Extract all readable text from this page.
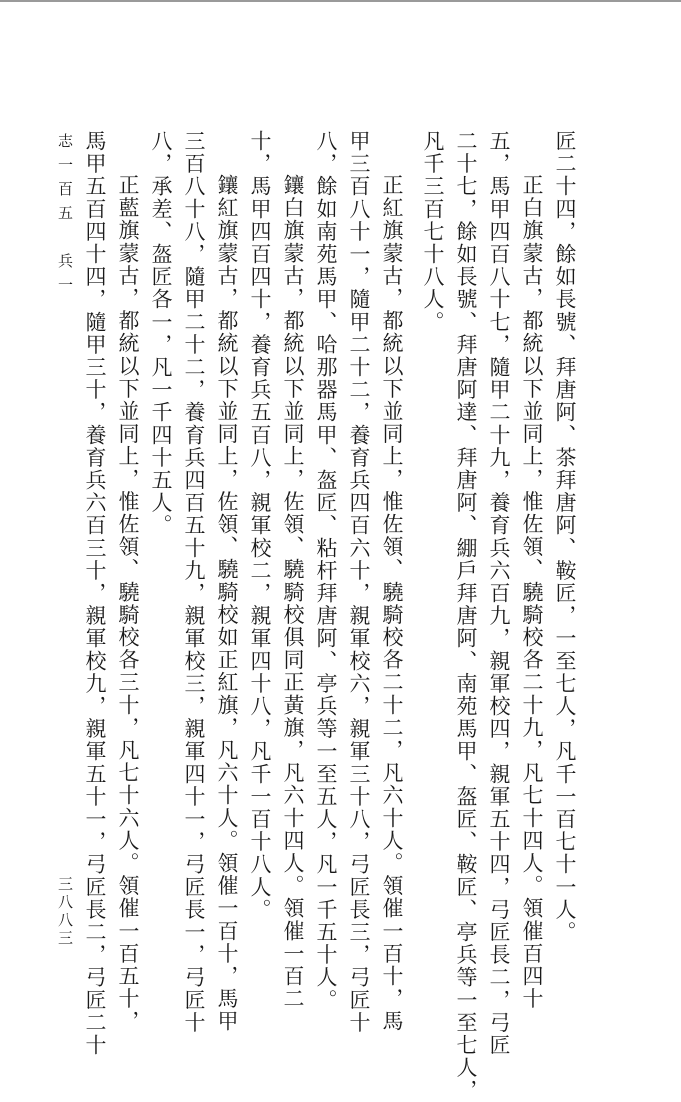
匠二十四，餘如長號、拜唐阿、茶拜唐阿、鞍匠，一至七人，凡千一百七十一人。

正白旗蒙古，都統以下並同上，惟佐領、驍騎校各二十九，凡七十四人。領催百四十

五，馬甲四百八十七，隨甲二十九，養育兵六百九，親軍校四，親軍五十四，弓匠長二，弓匠

二十七，餘如長號、拜唐阿達、拜唐阿、綳戶拜唐阿、南苑馬甲、盔匠、鞍匠、亭兵等一至七人，

凡千三百七十八人。

正紅旗蒙古，都統以下並同上，惟佐領、驍騎校各二十二，凡六十人。領催一百十，馬

甲三百八十一，隨甲二十二，養育兵四百六十，親軍校六，親軍三十八，弓匠長三，弓匠十

八，餘如南苑馬甲、哈那器馬甲、盔匠、粘杆拜唐阿、亭兵等一至五人，凡一千五十人。

鑲白旗蒙古，都統以下並同上，佐領、驍騎校俱同正黃旗，凡六十四人。領催一百二

十，馬甲四百四十，養育兵五百八，親軍校二，親軍四十八，凡千一百十八人。

鑲紅旗蒙古，都統以下並同上，佐領、驍騎校如正紅旗，凡六十人。領催一百十，馬甲

三百八十八，隨甲二十二，養育兵四百五十九，親軍校三，親軍四十一，弓匠長一，弓匠十

八，承差、盔匠各一，凡一千四十五人。

正藍旗蒙古，都統以下並同上，惟佐領、驍騎校各三十，凡七十六人。領催一百五十，

馬甲五百四十四，隨甲三十，養育兵六百三十，親軍校九，親軍五十一，弓匠長二，弓匠二十

志一百五　兵一
三八八三
